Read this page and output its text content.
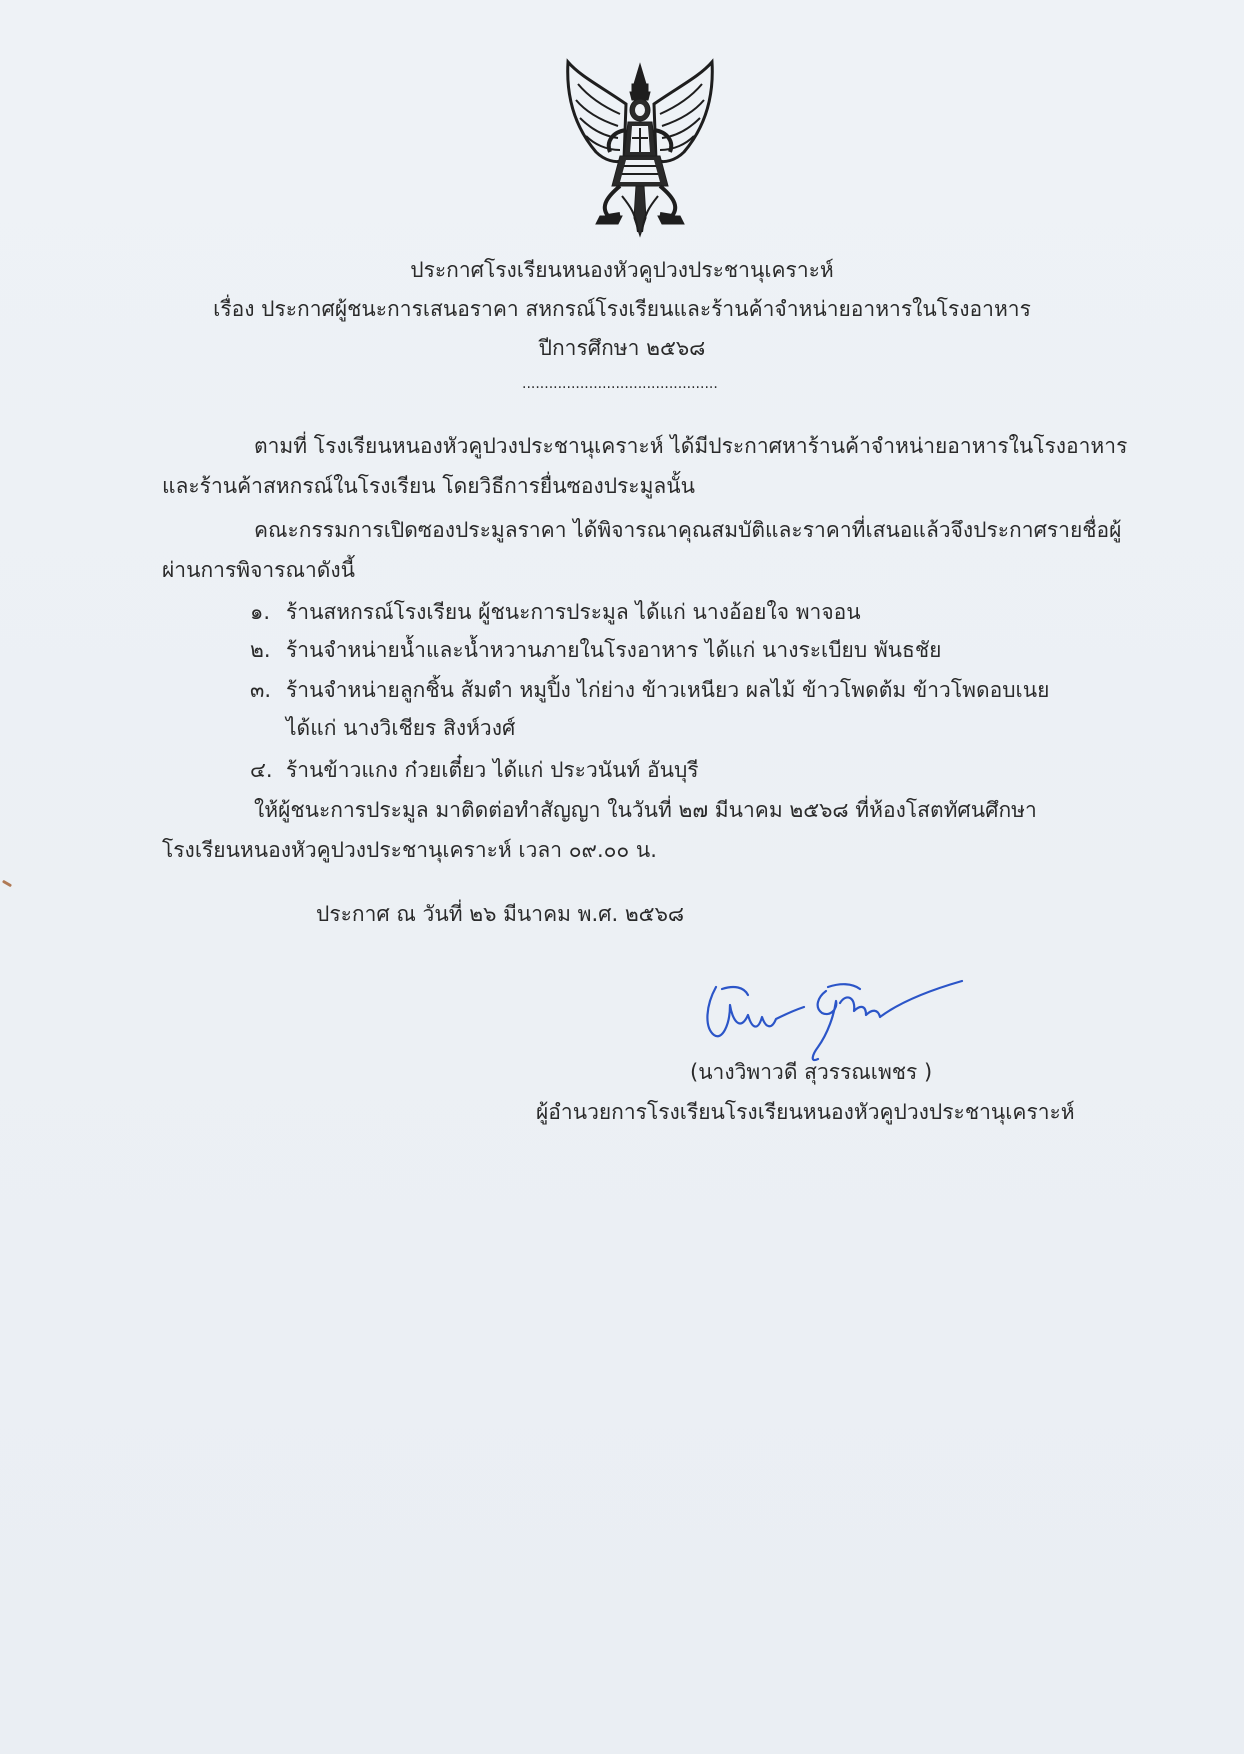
ประกาศโรงเรียนหนองหัวคูปวงประชานุเคราะห์
เรื่อง ประกาศผู้ชนะการเสนอราคา สหกรณ์โรงเรียนและร้านค้าจำหน่ายอาหารในโรงอาหาร
ปีการศึกษา ๒๕๖๘
............................................
ตามที่ โรงเรียนหนองหัวคูปวงประชานุเคราะห์ ได้มีประกาศหาร้านค้าจำหน่ายอาหารในโรงอาหาร
และร้านค้าสหกรณ์ในโรงเรียน โดยวิธีการยื่นซองประมูลนั้น
คณะกรรมการเปิดซองประมูลราคา ได้พิจารณาคุณสมบัติและราคาที่เสนอแล้วจึงประกาศรายชื่อผู้
ผ่านการพิจารณาดังนี้
๑. ร้านสหกรณ์โรงเรียน ผู้ชนะการประมูล ได้แก่ นางอ้อยใจ พาจอน
๒. ร้านจำหน่ายน้ำและน้ำหวานภายในโรงอาหาร ได้แก่ นางระเบียบ พันธชัย
๓. ร้านจำหน่ายลูกชิ้น ส้มตำ หมูปิ้ง ไก่ย่าง ข้าวเหนียว ผลไม้ ข้าวโพดต้ม ข้าวโพดอบเนย
ได้แก่ นางวิเชียร สิงห์วงศ์
๔. ร้านข้าวแกง ก๋วยเตี๋ยว ได้แก่ ประวนันท์ อันบุรี
ให้ผู้ชนะการประมูล มาติดต่อทำสัญญา ในวันที่ ๒๗ มีนาคม ๒๕๖๘ ที่ห้องโสตทัศนศึกษา
โรงเรียนหนองหัวคูปวงประชานุเคราะห์ เวลา ๐๙.๐๐ น.
ประกาศ ณ วันที่ ๒๖ มีนาคม พ.ศ. ๒๕๖๘
(นางวิพาวดี สุวรรณเพชร )
ผู้อำนวยการโรงเรียนโรงเรียนหนองหัวคูปวงประชานุเคราะห์
